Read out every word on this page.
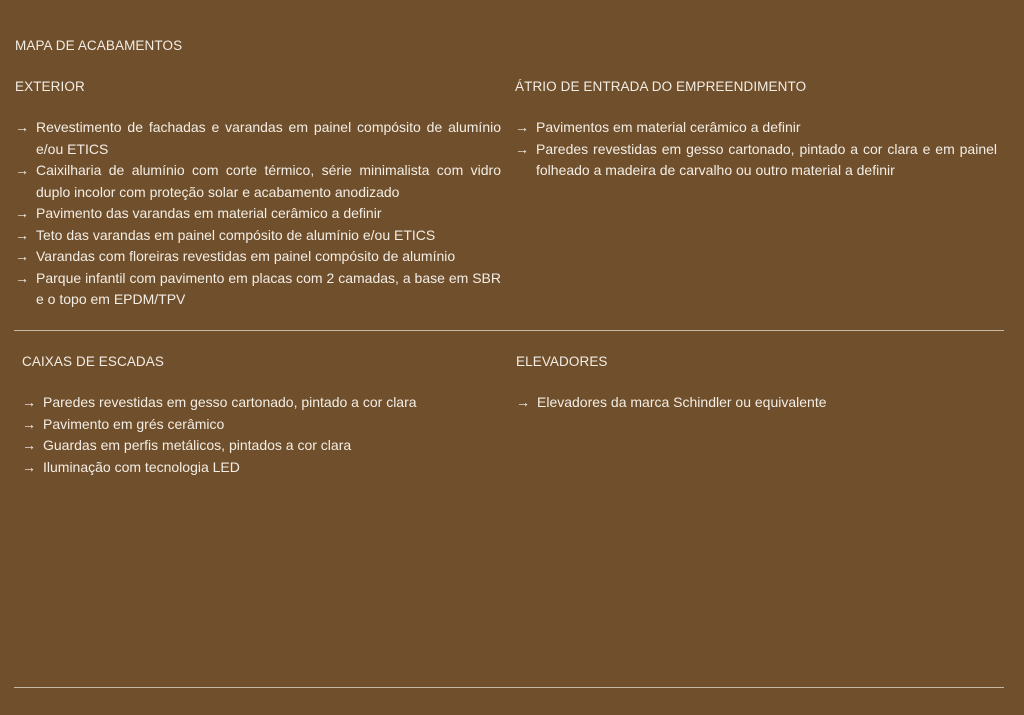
MAPA DE ACABAMENTOS
EXTERIOR
→ Revestimento de fachadas e varandas em painel compósito de alumínio e/ou ETICS
→ Caixilharia de alumínio com corte térmico, série minimalista com vidro duplo incolor com proteção solar e acabamento anodizado
→ Pavimento das varandas em material cerâmico a definir
→ Teto das varandas em painel compósito de alumínio e/ou ETICS
→ Varandas com floreiras revestidas em painel compósito de alumínio
→ Parque infantil com pavimento em placas com 2 camadas, a base em SBR e o topo em EPDM/TPV
ÁTRIO DE ENTRADA DO EMPREENDIMENTO
→ Pavimentos em material cerâmico a definir
→ Paredes revestidas em gesso cartonado, pintado a cor clara e em painel folheado a madeira de carvalho ou outro material a definir
CAIXAS DE ESCADAS
→ Paredes revestidas em gesso cartonado, pintado a cor clara
→ Pavimento em grés cerâmico
→ Guardas em perfis metálicos, pintados a cor clara
→ Iluminação com tecnologia LED
ELEVADORES
→ Elevadores da marca Schindler ou equivalente
